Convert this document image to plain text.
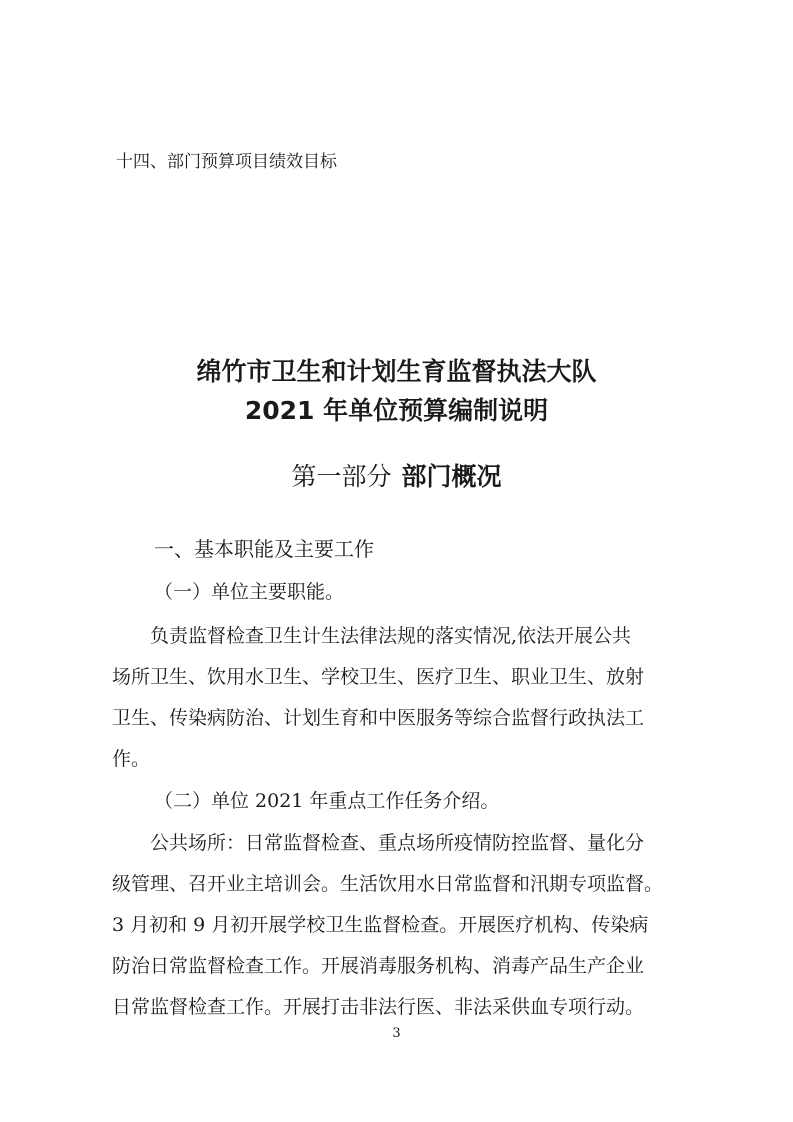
十四、部门预算项目绩效目标
绵竹市卫生和计划生育监督执法大队
2021 年单位预算编制说明
第一部分 部门概况
一、基本职能及主要工作
（一）单位主要职能。
负责监督检查卫生计生法律法规的落实情况,依法开展公共
场所卫生、饮用水卫生、学校卫生、医疗卫生、职业卫生、放射
卫生、传染病防治、计划生育和中医服务等综合监督行政执法工
作。
（二）单位 2021 年重点工作任务介绍。
公共场所：日常监督检查、重点场所疫情防控监督、量化分
级管理、召开业主培训会。生活饮用水日常监督和汛期专项监督。
3 月初和 9 月初开展学校卫生监督检查。开展医疗机构、传染病
防治日常监督检查工作。开展消毒服务机构、消毒产品生产企业
日常监督检查工作。开展打击非法行医、非法采供血专项行动。
3
